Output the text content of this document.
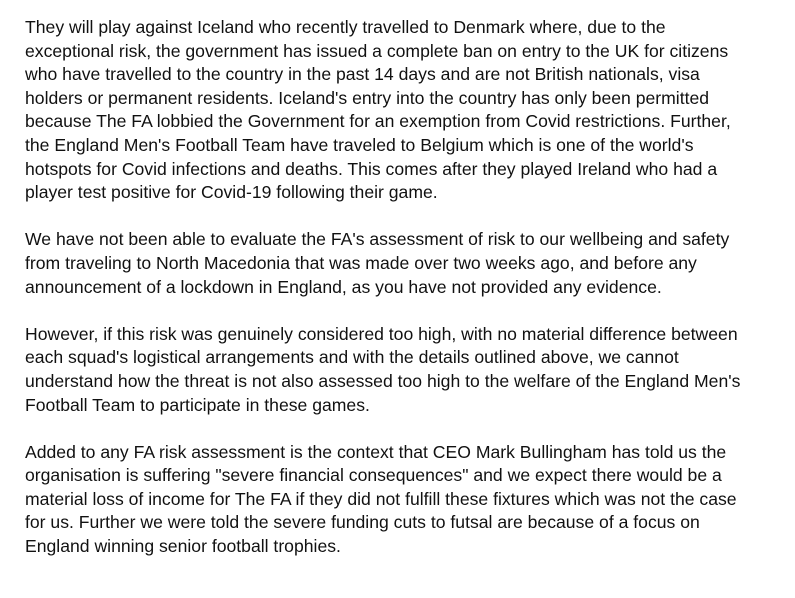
They will play against Iceland who recently travelled to Denmark where, due to the
exceptional risk, the government has issued a complete ban on entry to the UK for citizens
who have travelled to the country in the past 14 days and are not British nationals, visa
holders or permanent residents. Iceland's entry into the country has only been permitted
because The FA lobbied the Government for an exemption from Covid restrictions. Further,
the England Men's Football Team have traveled to Belgium which is one of the world's
hotspots for Covid infections and deaths. This comes after they played Ireland who had a
player test positive for Covid-19 following their game.

We have not been able to evaluate the FA's assessment of risk to our wellbeing and safety
from traveling to North Macedonia that was made over two weeks ago, and before any
announcement of a lockdown in England, as you have not provided any evidence.

However, if this risk was genuinely considered too high, with no material difference between
each squad's logistical arrangements and with the details outlined above, we cannot
understand how the threat is not also assessed too high to the welfare of the England Men's
Football Team to participate in these games.

Added to any FA risk assessment is the context that CEO Mark Bullingham has told us the
organisation is suffering "severe financial consequences" and we expect there would be a
material loss of income for The FA if they did not fulfill these fixtures which was not the case
for us. Further we were told the severe funding cuts to futsal are because of a focus on
England winning senior football trophies.
